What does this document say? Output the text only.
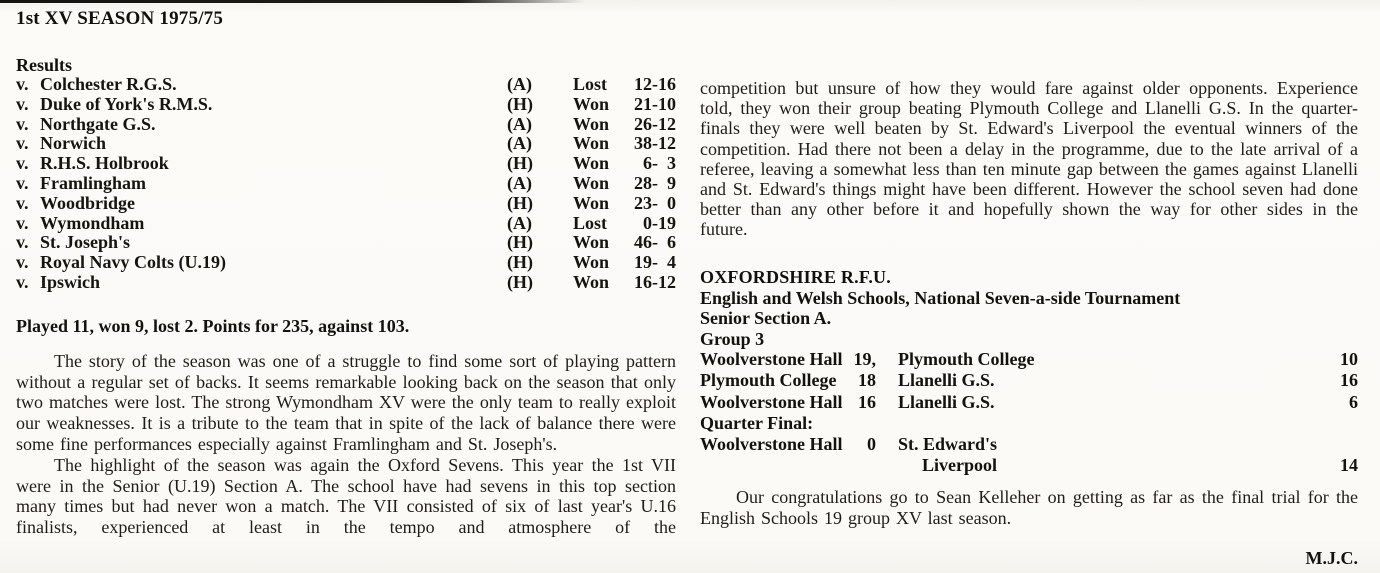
1st XV SEASON 1975/75
Results
v. Colchester R.G.S.	(A)	Lost	12-16
v. Duke of York's R.M.S.	(H)	Won	21-10
v. Northgate G.S.	(A)	Won	26-12
v. Norwich	(A)	Won	38-12
v. R.H.S. Holbrook	(H)	Won	6- 3
v. Framlingham	(A)	Won	28- 9
v. Woodbridge	(H)	Won	23- 0
v. Wymondham	(A)	Lost	0-19
v. St. Joseph's	(H)	Won	46- 6
v. Royal Navy Colts (U.19)	(H)	Won	19- 4
v. Ipswich	(H)	Won	16-12

Played 11, won 9, lost 2. Points for 235, against 103.

The story of the season was one of a struggle to find some sort of playing pattern without a regular set of backs. It seems remarkable looking back on the season that only two matches were lost. The strong Wymondham XV were the only team to really exploit our weaknesses. It is a tribute to the team that in spite of the lack of balance there were some fine performances especially against Framlingham and St. Joseph's.

The highlight of the season was again the Oxford Sevens. This year the 1st VII were in the Senior (U.19) Section A. The school have had sevens in this top section many times but had never won a match. The VII consisted of six of last year's U.16 finalists, experienced at least in the tempo and atmosphere of the

competition but unsure of how they would fare against older opponents. Experience told, they won their group beating Plymouth College and Llanelli G.S. In the quarter-finals they were well beaten by St. Edward's Liverpool the eventual winners of the competition. Had there not been a delay in the programme, due to the late arrival of a referee, leaving a somewhat less than ten minute gap between the games against Llanelli and St. Edward's things might have been different. However the school seven had done better than any other before it and hopefully shown the way for other sides in the future.

OXFORDSHIRE R.F.U.
English and Welsh Schools, National Seven-a-side Tournament
Senior Section A.
Group 3
Woolverstone Hall 19, Plymouth College	10
Plymouth College	18 Llanelli G.S.	16
Woolverstone Hall 16 Llanelli G.S.	6
Quarter Final:
Woolverstone Hall	0 St. Edward's
Liverpool	14

Our congratulations go to Sean Kelleher on getting as far as the final trial for the English Schools 19 group XV last season.

M.J.C.
